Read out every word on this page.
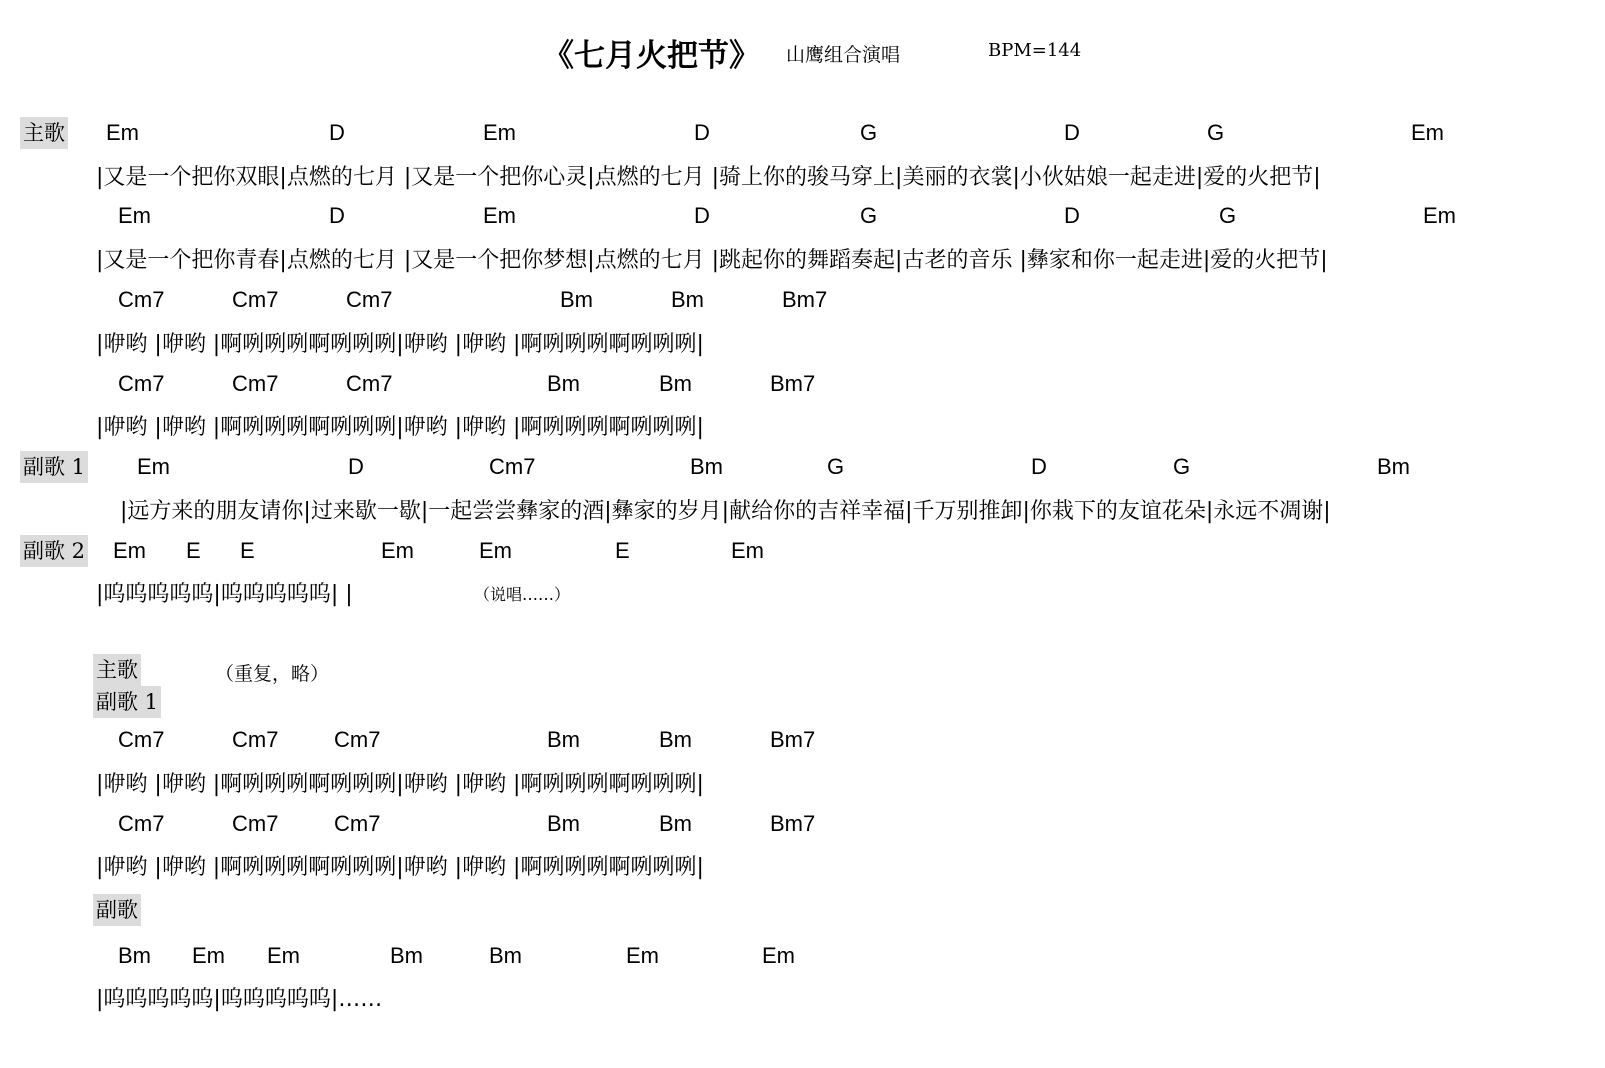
《七月火把节》 山鹰组合演唱	BPM=144
主歌
副歌 1
副歌 2
主歌	（重复，略）
副歌 1
副歌
Em	D	Em	D	G	D	G	Em
|又是一个把你双眼|点燃的七月 |又是一个把你心灵|点燃的七月 |骑上你的骏马穿上|美丽的衣裳|小伙姑娘一起走进|爱的火把节|
Em	D	Em	D	G	D	G	Em
|又是一个把你青春|点燃的七月 |又是一个把你梦想|点燃的七月 |跳起你的舞蹈奏起|古老的音乐 |彝家和你一起走进|爱的火把节|
Cm7	Cm7	Cm7	Bm	Bm	Bm7
|咿哟 |咿哟 |啊咧咧咧啊咧咧咧|咿哟 |咿哟 |啊咧咧咧啊咧咧咧|
Cm7	Cm7	Cm7	Bm	Bm	Bm7
|咿哟 |咿哟 |啊咧咧咧啊咧咧咧|咿哟 |咿哟 |啊咧咧咧啊咧咧咧|
Em	D	Cm7	Bm	G	D	G	Bm
|远方来的朋友请你|过来歇一歇|一起尝尝彝家的酒|彝家的岁月|献给你的吉祥幸福|千万别推卸|你栽下的友谊花朵|永远不凋谢|
Em E E	Em	Em	E	Em
|呜呜呜呜呜|呜呜呜呜呜| |	（说唱……）
Cm7	Cm7	Cm7	Bm	Bm	Bm7
|咿哟 |咿哟 |啊咧咧咧啊咧咧咧|咿哟 |咿哟 |啊咧咧咧啊咧咧咧|
Cm7	Cm7	Cm7	Bm	Bm	Bm7
|咿哟 |咿哟 |啊咧咧咧啊咧咧咧|咿哟 |咿哟 |啊咧咧咧啊咧咧咧|
Bm Em Em	Bm	Bm	Em	Em
|呜呜呜呜呜|呜呜呜呜呜|……
